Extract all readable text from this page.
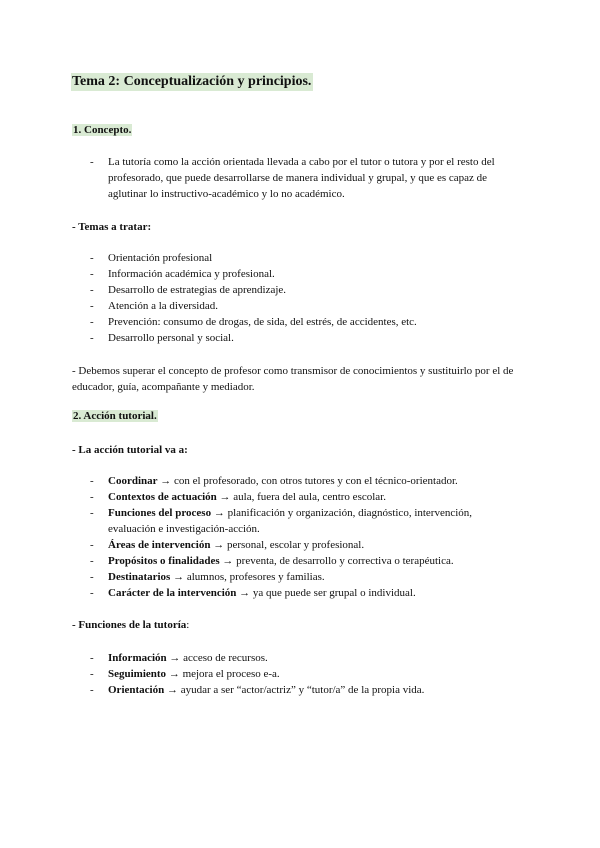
Tema 2: Conceptualización y principios.
1. Concepto.
- La tutoría como la acción orientada llevada a cabo por el tutor o tutora y por el resto del profesorado, que puede desarrollarse de manera individual y grupal, y que es capaz de aglutinar lo instructivo-académico y lo no académico.
- Temas a tratar:
- Orientación profesional
- Información académica y profesional.
- Desarrollo de estrategias de aprendizaje.
- Atención a la diversidad.
- Prevención: consumo de drogas, de sida, del estrés, de accidentes, etc.
- Desarrollo personal y social.
- Debemos superar el concepto de profesor como transmisor de conocimientos y sustituirlo por el de educador, guía, acompañante y mediador.
2. Acción tutorial.
- La acción tutorial va a:
- Coordinar → con el profesorado, con otros tutores y con el técnico-orientador.
- Contextos de actuación → aula, fuera del aula, centro escolar.
- Funciones del proceso → planificación y organización, diagnóstico, intervención, evaluación e investigación-acción.
- Áreas de intervención → personal, escolar y profesional.
- Propósitos o finalidades → preventa, de desarrollo y correctiva o terapéutica.
- Destinatarios → alumnos, profesores y familias.
- Carácter de la intervención → ya que puede ser grupal o individual.
- Funciones de la tutoría:
- Información → acceso de recursos.
- Seguimiento → mejora el proceso e-a.
- Orientación → ayudar a ser “actor/actriz” y “tutor/a” de la propia vida.
